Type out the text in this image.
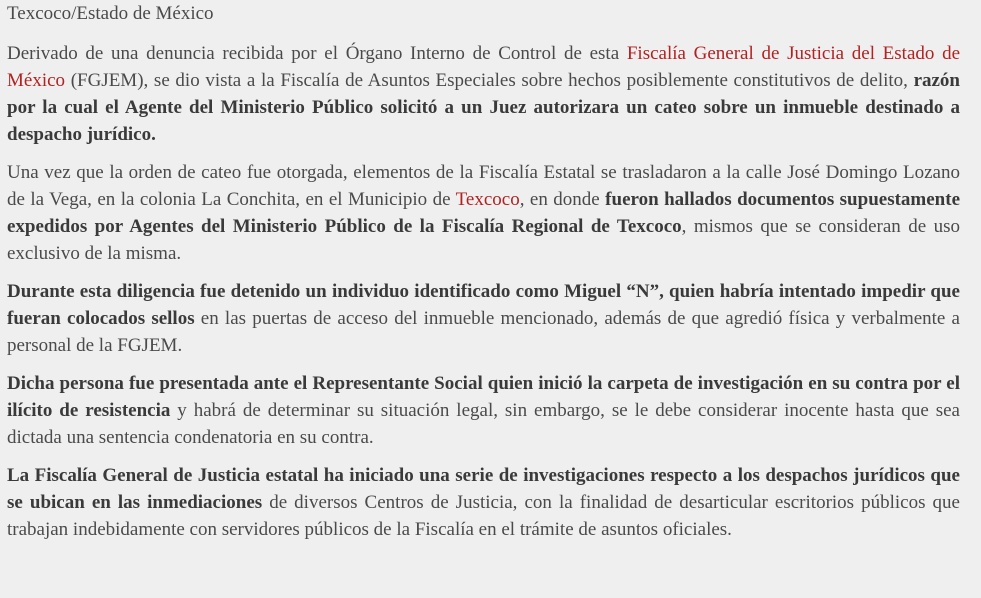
Texcoco/Estado de México

Derivado de una denuncia recibida por el Órgano Interno de Control de esta Fiscalía General de Justicia del Estado de México (FGJEM), se dio vista a la Fiscalía de Asuntos Especiales sobre hechos posiblemente constitutivos de delito, razón por la cual el Agente del Ministerio Público solicitó a un Juez autorizara un cateo sobre un inmueble destinado a despacho jurídico.

Una vez que la orden de cateo fue otorgada, elementos de la Fiscalía Estatal se trasladaron a la calle José Domingo Lozano de la Vega, en la colonia La Conchita, en el Municipio de Texcoco, en donde fueron hallados documentos supuestamente expedidos por Agentes del Ministerio Público de la Fiscalía Regional de Texcoco, mismos que se consideran de uso exclusivo de la misma.

Durante esta diligencia fue detenido un individuo identificado como Miguel “N”, quien habría intentado impedir que fueran colocados sellos en las puertas de acceso del inmueble mencionado, además de que agredió física y verbalmente a personal de la FGJEM.

Dicha persona fue presentada ante el Representante Social quien inició la carpeta de investigación en su contra por el ilícito de resistencia y habrá de determinar su situación legal, sin embargo, se le debe considerar inocente hasta que sea dictada una sentencia condenatoria en su contra.

La Fiscalía General de Justicia estatal ha iniciado una serie de investigaciones respecto a los despachos jurídicos que se ubican en las inmediaciones de diversos Centros de Justicia, con la finalidad de desarticular escritorios públicos que trabajan indebidamente con servidores públicos de la Fiscalía en el trámite de asuntos oficiales.
